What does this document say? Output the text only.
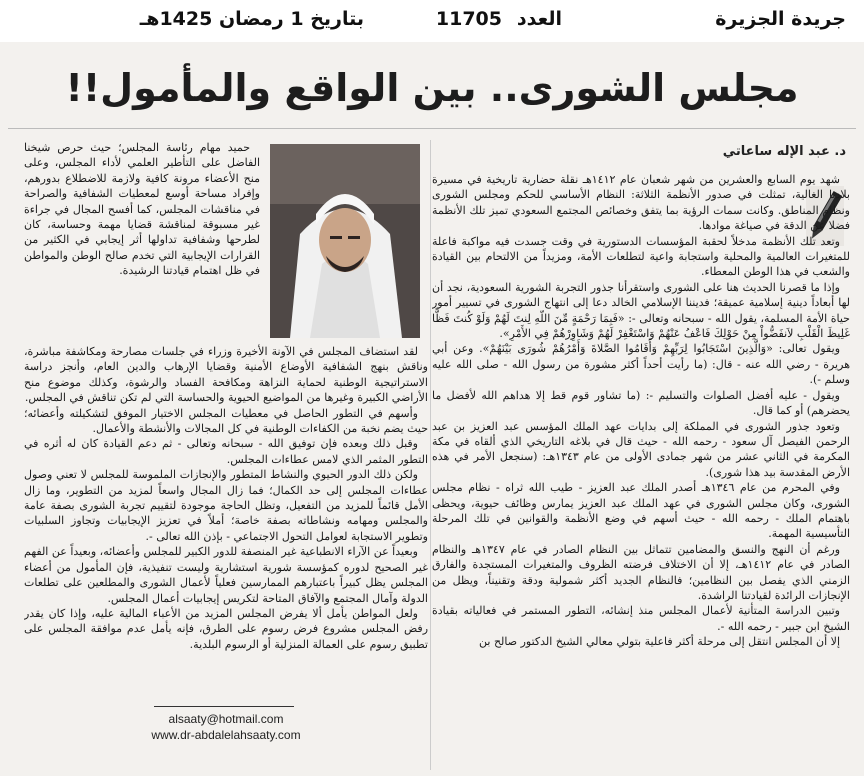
جريدة الجزيرة
العدد
11705
بتاريخ 1 رمضان 1425هـ
مجلس الشورى.. بين الواقع والمأمول!!
د. عبد الإله ساعاتي

شهد يوم السابع والعشرين من شهر شعبان عام ١٤١٢هـ نقلة حضارية تاريخية في مسيرة بلادنا الغالية، تمثلت في صدور الأنظمة الثلاثة: النظام الأساسي للحكم ومجلس الشورى ونظام المناطق. وكانت سمات الرؤية بما يتفق وخصائص المجتمع السعودي تميز تلك الأنظمة فضلا عن الدقة في صياغة موادها.

وتعد تلك الأنظمة مدخلاً لحقبة المؤسسات الدستورية في وقت جسدت فيه مواكبة فاعلة للمتغيرات العالمية والمحلية واستجابة واعية لتطلعات الأمة، ومزيداً من الالتحام بين القيادة والشعب في هذا الوطن المعطاء.

وإذا ما قصرنا الحديث هنا على الشورى واستقرأنا جذور التجربة الشورية السعودية، نجد أن لها أبعاداً دينية إسلامية عميقة؛ فديننا الإسلامي الخالد دعا إلى انتهاج الشورى في تسيير أمور حياة الأمة المسلمة، يقول الله - سبحانه وتعالى -: «فَبِمَا رَحْمَةٍ مِّنَ اللّهِ لِنتَ لَهُمْ وَلَوْ كُنتَ فَظًّا غَلِيظَ الْقَلْبِ لاَنفَضُّواْ مِنْ حَوْلِكَ فَاعْفُ عَنْهُمْ وَاسْتَغْفِرْ لَهُمْ وَشَاوِرْهُمْ فِي الأَمْرِ».

ويقول تعالى: «وَالَّذِينَ اسْتَجَابُوا لِرَبِّهِمْ وَأَقَامُوا الصَّلاةَ وَأَمْرُهُمْ شُورَى بَيْنَهُمْ». وعن أبي هريرة - رضي الله عنه - قال: (ما رأيت أحداً أكثر مشورة من رسول الله - صلى الله عليه وسلم -).

ويقول - عليه أفضل الصلوات والتسليم -: (ما تشاور قوم قط إلا هداهم الله لأفضل ما يحضرهم) أو كما قال.

وتعود جذور الشورى في المملكة إلى بدايات عهد الملك المؤسس عبد العزيز بن عبد الرحمن الفيصل آل سعود - رحمه الله - حيث قال في بلاغه التاريخي الذي ألقاه في مكة المكرمة في الثاني عشر من شهر جمادى الأولى من عام ١٣٤٣هـ: (سنجعل الأمر في هذه الأرض المقدسة بيد هذا شورى).

وفي المحرم من عام ١٣٤٦هـ أصدر الملك عبد العزيز - طيب الله ثراه - نظام مجلس الشورى، وكان مجلس الشورى في عهد الملك عبد العزيز يمارس وظائف حيوية، ويحظى باهتمام الملك - رحمه الله - حيث أسهم في وضع الأنظمة والقوانين في تلك المرحلة التأسيسية المهمة.

ورغم أن النهج والنسق والمضامين تتماثل بين النظام الصادر في عام ١٣٤٧هـ والنظام الصادر في عام ١٤١٢هـ، إلا أن الاختلاف فرضته الظروف والمتغيرات المستجدة والفارق الزمني الذي يفصل بين النظامين؛ فالنظام الجديد أكثر شمولية ودقة وتقنيناً، ويظل من الإنجازات الرائدة لقيادتنا الراشدة.

وتبين الدراسة المتأنية لأعمال المجلس منذ إنشائه، التطور المستمر في فعالياته بقيادة الشيخ ابن جبير - رحمه الله -.

إلا أن المجلس انتقل إلى مرحلة أكثر فاعلية بتولي معالي الشيخ الدكتور صالح بن

حميد مهام رئاسة المجلس؛ حيث حرص شيخنا الفاضل على التأطير العلمي لأداء المجلس، وعلى منح الأعضاء مرونة كافية ولازمة للاضطلاع بدورهم، وإفراد مساحة أوسع لمعطيات الشفافية والصراحة في مناقشات المجلس، كما أفسح المجال في جراءة غير مسبوقة لمناقشة قضايا مهمة وحساسة، كان لطرحها وشفافية تداولها أثر إيجابي في الكثير من القرارات الإيجابية التي تخدم صالح الوطن والمواطن في ظل اهتمام قيادتنا الرشيدة.

لقد استضاف المجلس في الآونة الأخيرة وزراء في جلسات مصارحة ومكاشفة مباشرة، وناقش بنهج الشفافية الأوضاع الأمنية وقضايا الإرهاب والدين العام، وأنجز دراسة الاستراتيجية الوطنية لحماية النزاهة ومكافحة الفساد والرشوة، وكذلك موضوع منح الأراضي الكبيرة وغيرها من المواضيع الحيوية والحساسة التي لم تكن تناقش في المجلس.

وأسهم في التطور الحاصل في معطيات المجلس الاختيار الموفق لتشكيلته وأعضائه؛ حيث يضم نخبة من الكفاءات الوطنية في كل المجالات والأنشطة والأعمال.

وقبل ذلك وبعده فإن توفيق الله - سبحانه وتعالى - ثم دعم القيادة كان له أثره في التطور المثمر الذي لامس عطاءات المجلس.

ولكن ذلك الدور الحيوي والنشاط المتطور والإنجازات الملموسة للمجلس لا تعني وصول عطاءات المجلس إلى حد الكمال؛ فما زال المجال واسعاً لمزيد من التطوير، وما زال الأمل قائماً للمزيد من التفعيل، وتظل الحاجة موجودة لتقييم تجربة الشورى بصفة عامة والمجلس ومهامه ونشاطاته بصفة خاصة؛ أملاً في تعزيز الإيجابيات وتجاوز السلبيات وتطوير الاستجابة لعوامل التحول الاجتماعي - بإذن الله تعالى -.

وبعيداً عن الآراء الانطباعية غير المنصفة للدور الكبير للمجلس وأعضائه، وبعيداً عن الفهم غير الصحيح لدوره كمؤسسة شورية استشارية وليست تنفيذية، فإن المأمول من أعضاء المجلس يظل كبيراً باعتبارهم الممارسين فعلياً لأعمال الشورى والمطلعين على تطلعات الدولة وآمال المجتمع والآفاق المتاحة لتكريس إيجابيات أعمال المجلس.

ولعل المواطن يأمل ألا يفرض المجلس المزيد من الأعباء المالية عليه، وإذا كان يقدر رفض المجلس مشروع فرض رسوم على الطرق، فإنه يأمل عدم موافقة المجلس على تطبيق رسوم على العمالة المنزلية أو الرسوم البلدية.

alsaaty@hotmail.com
www.dr-abdalelahsaaty.com
